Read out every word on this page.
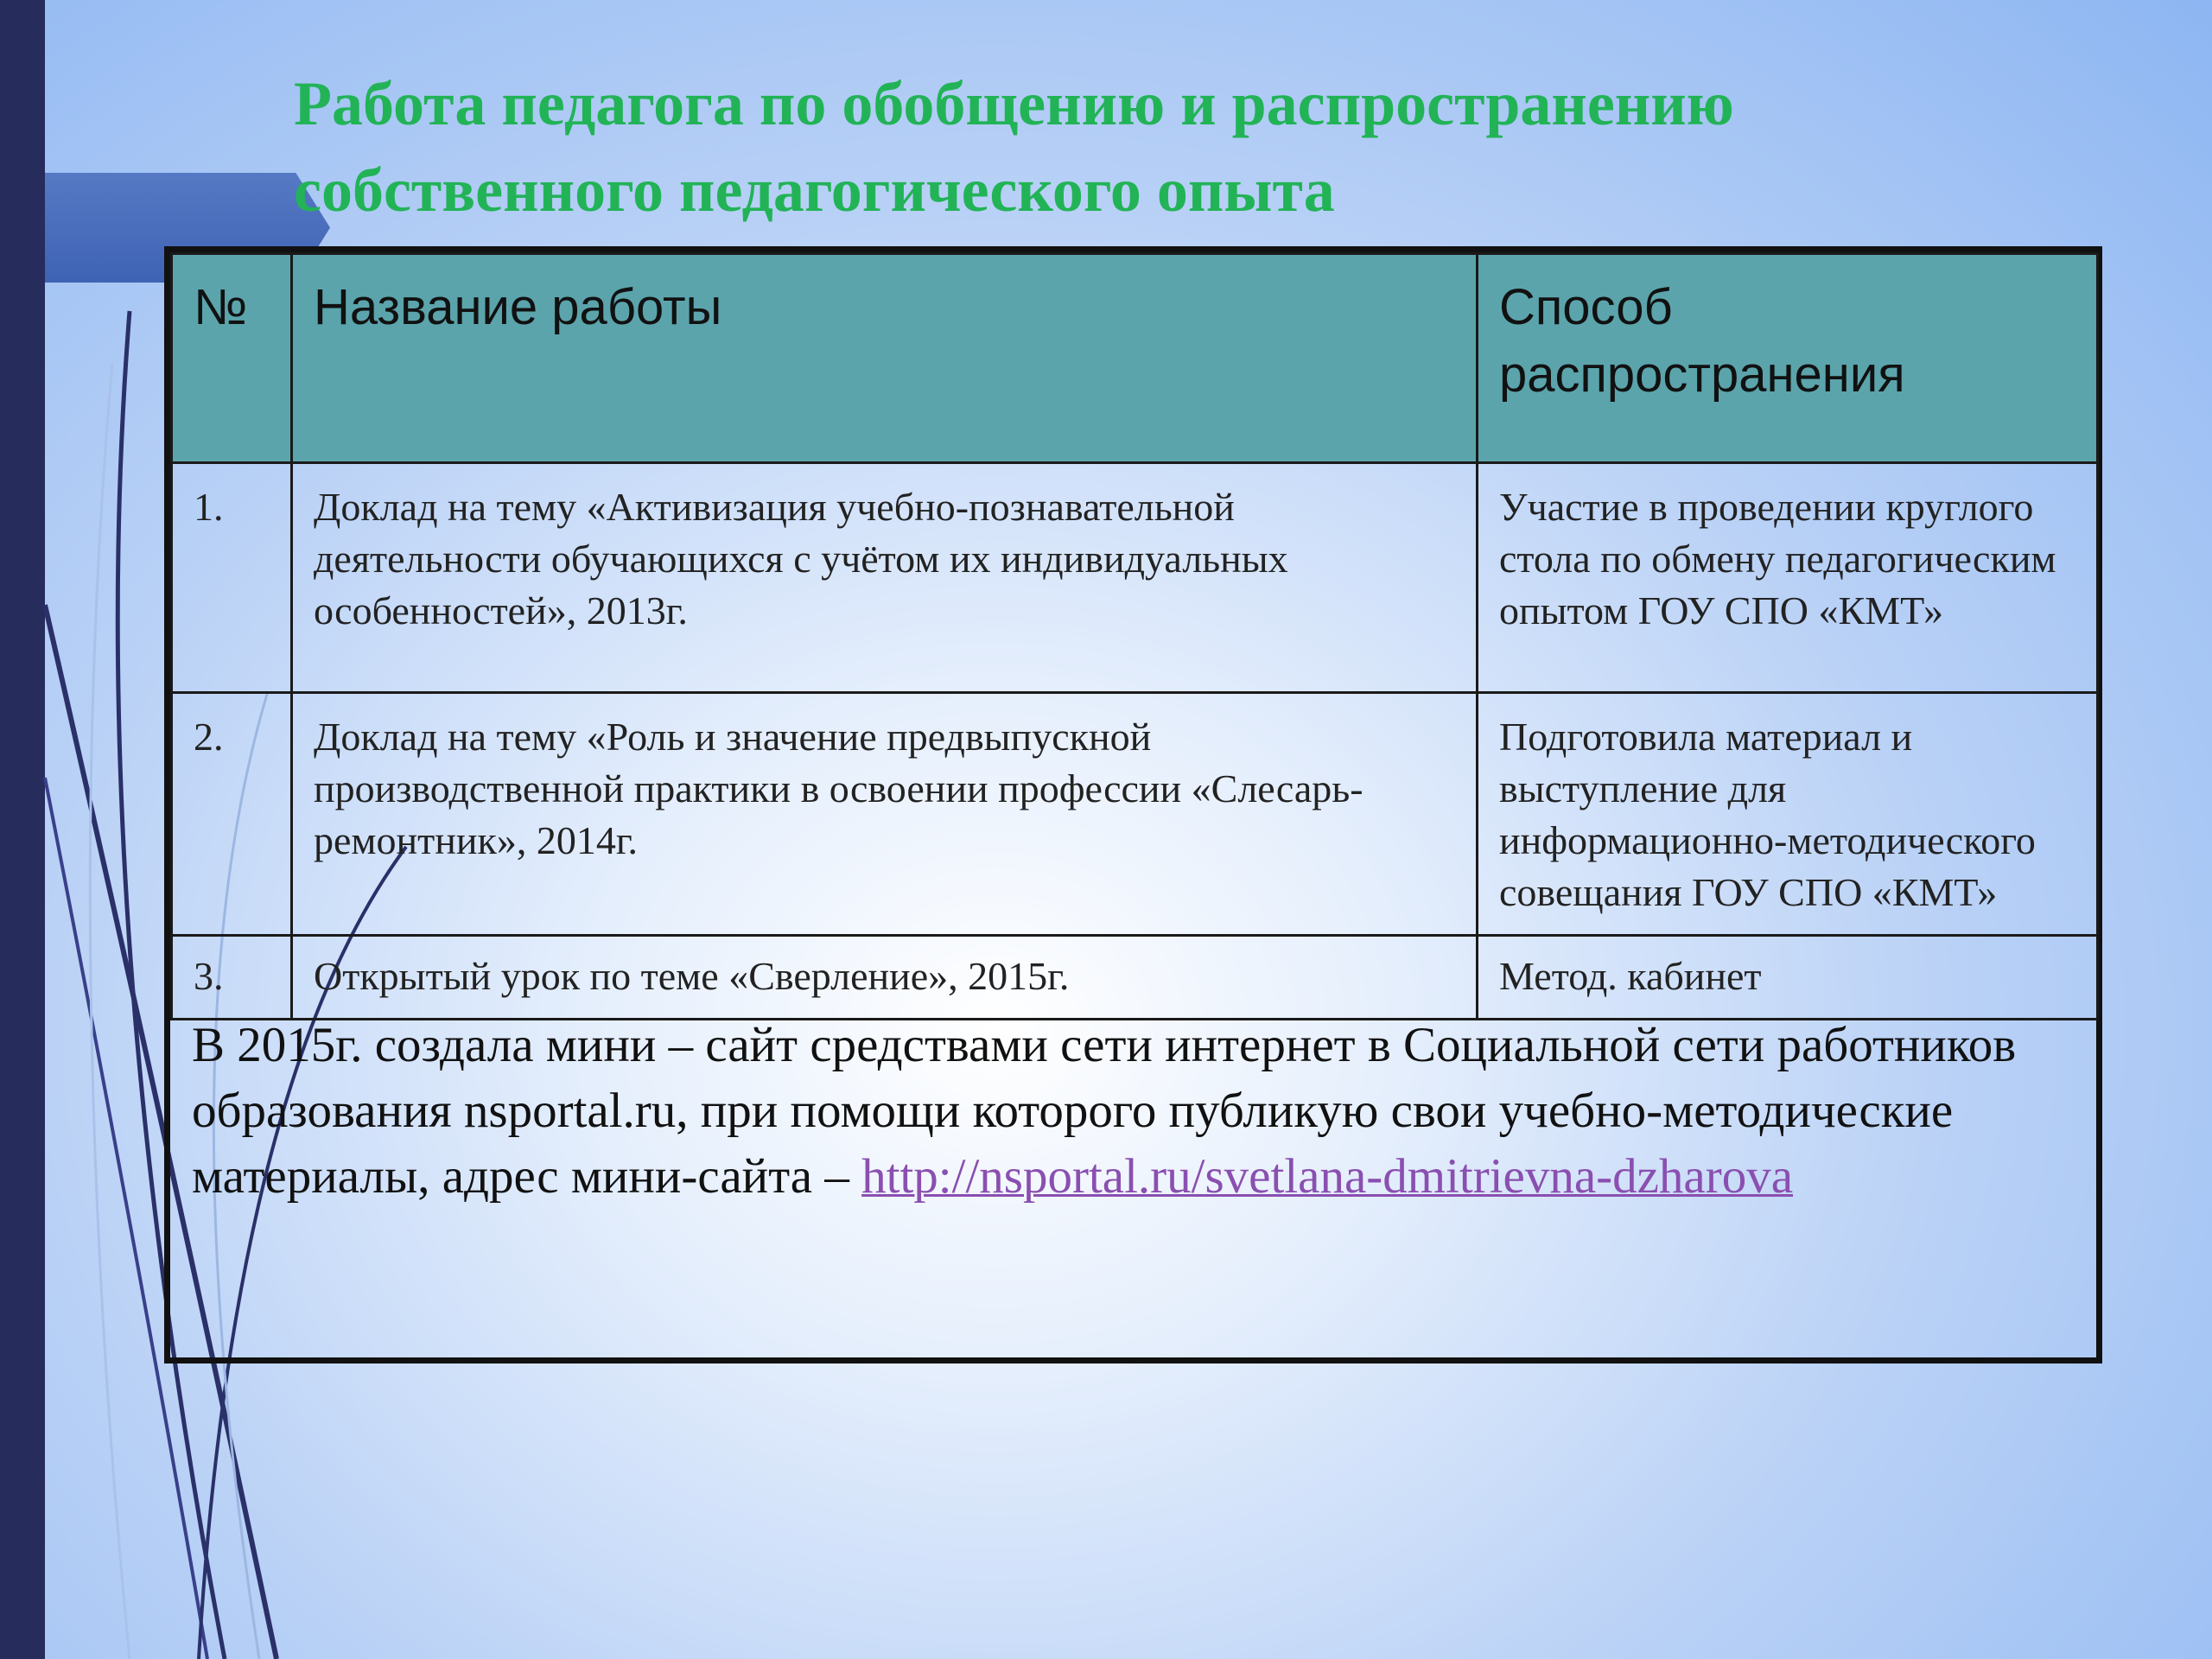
Работа педагога по обобщению и распространению
собственного педагогического опыта
№	Название работы	Способ распространения
1.	Доклад на тему «Активизация учебно-познавательной деятельности обучающихся с учётом их индивидуальных особенностей», 2013г.	Участие в проведении круглого стола по обмену педагогическим опытом ГОУ СПО «КМТ»
2.	Доклад на тему «Роль и значение предвыпускной производственной практики в освоении профессии «Слесарь-ремонтник», 2014г.	Подготовила материал и выступление для информационно-методического совещания ГОУ СПО «КМТ»
3.	Открытый урок по теме «Сверление», 2015г.	Метод. кабинет
В 2015г. создала мини – сайт средствами сети интернет в Социальной сети работников образования nsportal.ru, при помощи которого публикую свои учебно-методические материалы, адрес мини-сайта – http://nsportal.ru/svetlana-dmitrievna-dzharova
